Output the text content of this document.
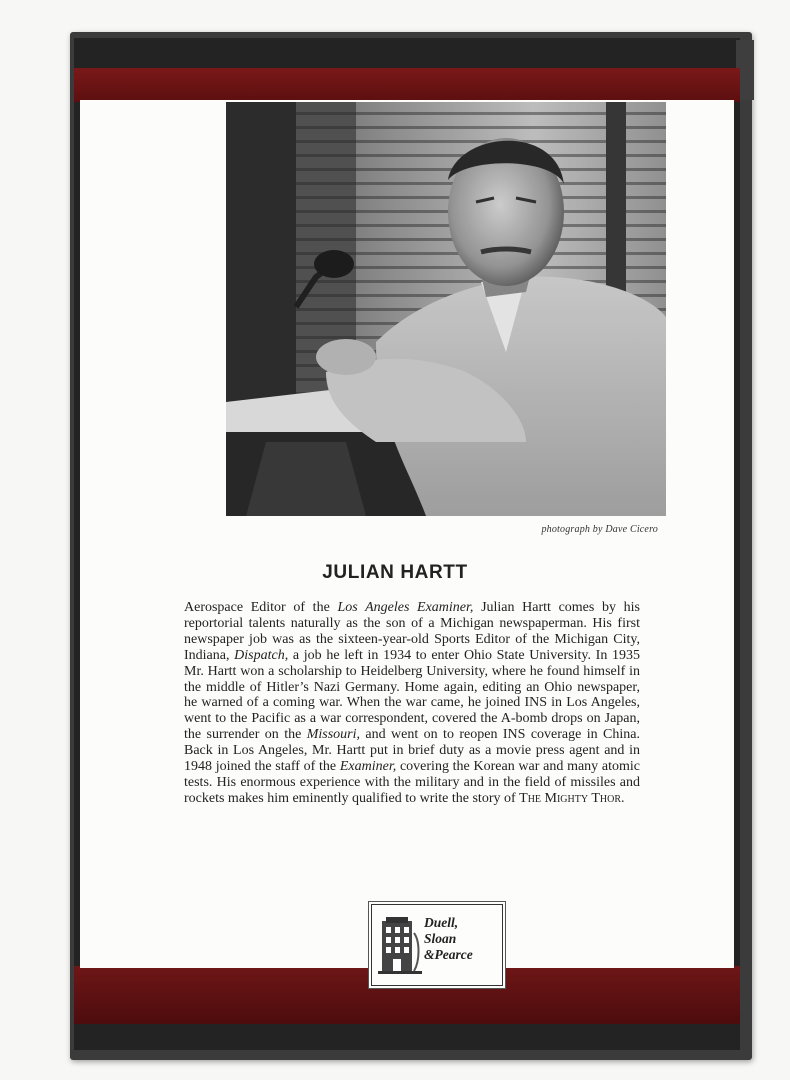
photograph by Dave Cicero
JULIAN HARTT
Aerospace Editor of the Los Angeles Examiner, Julian Hartt comes by his reportorial talents naturally as the son of a Michigan newspaperman. His first newspaper job was as the sixteen-year-old Sports Editor of the Michigan City, Indiana, Dispatch, a job he left in 1934 to enter Ohio State University. In 1935 Mr. Hartt won a scholarship to Heidelberg University, where he found himself in the middle of Hitler’s Nazi Germany. Home again, editing an Ohio newspaper, he warned of a coming war. When the war came, he joined INS in Los Angeles, went to the Pacific as a war correspondent, covered the A-bomb drops on Japan, the surrender on the Missouri, and went on to reopen INS coverage in China. Back in Los Angeles, Mr. Hartt put in brief duty as a movie press agent and in 1948 joined the staff of the Examiner, covering the Korean war and many atomic tests. His enormous experience with the military and in the field of missiles and rockets makes him eminently qualified to write the story of The Mighty Thor.
Duell,
Sloan
&Pearce
